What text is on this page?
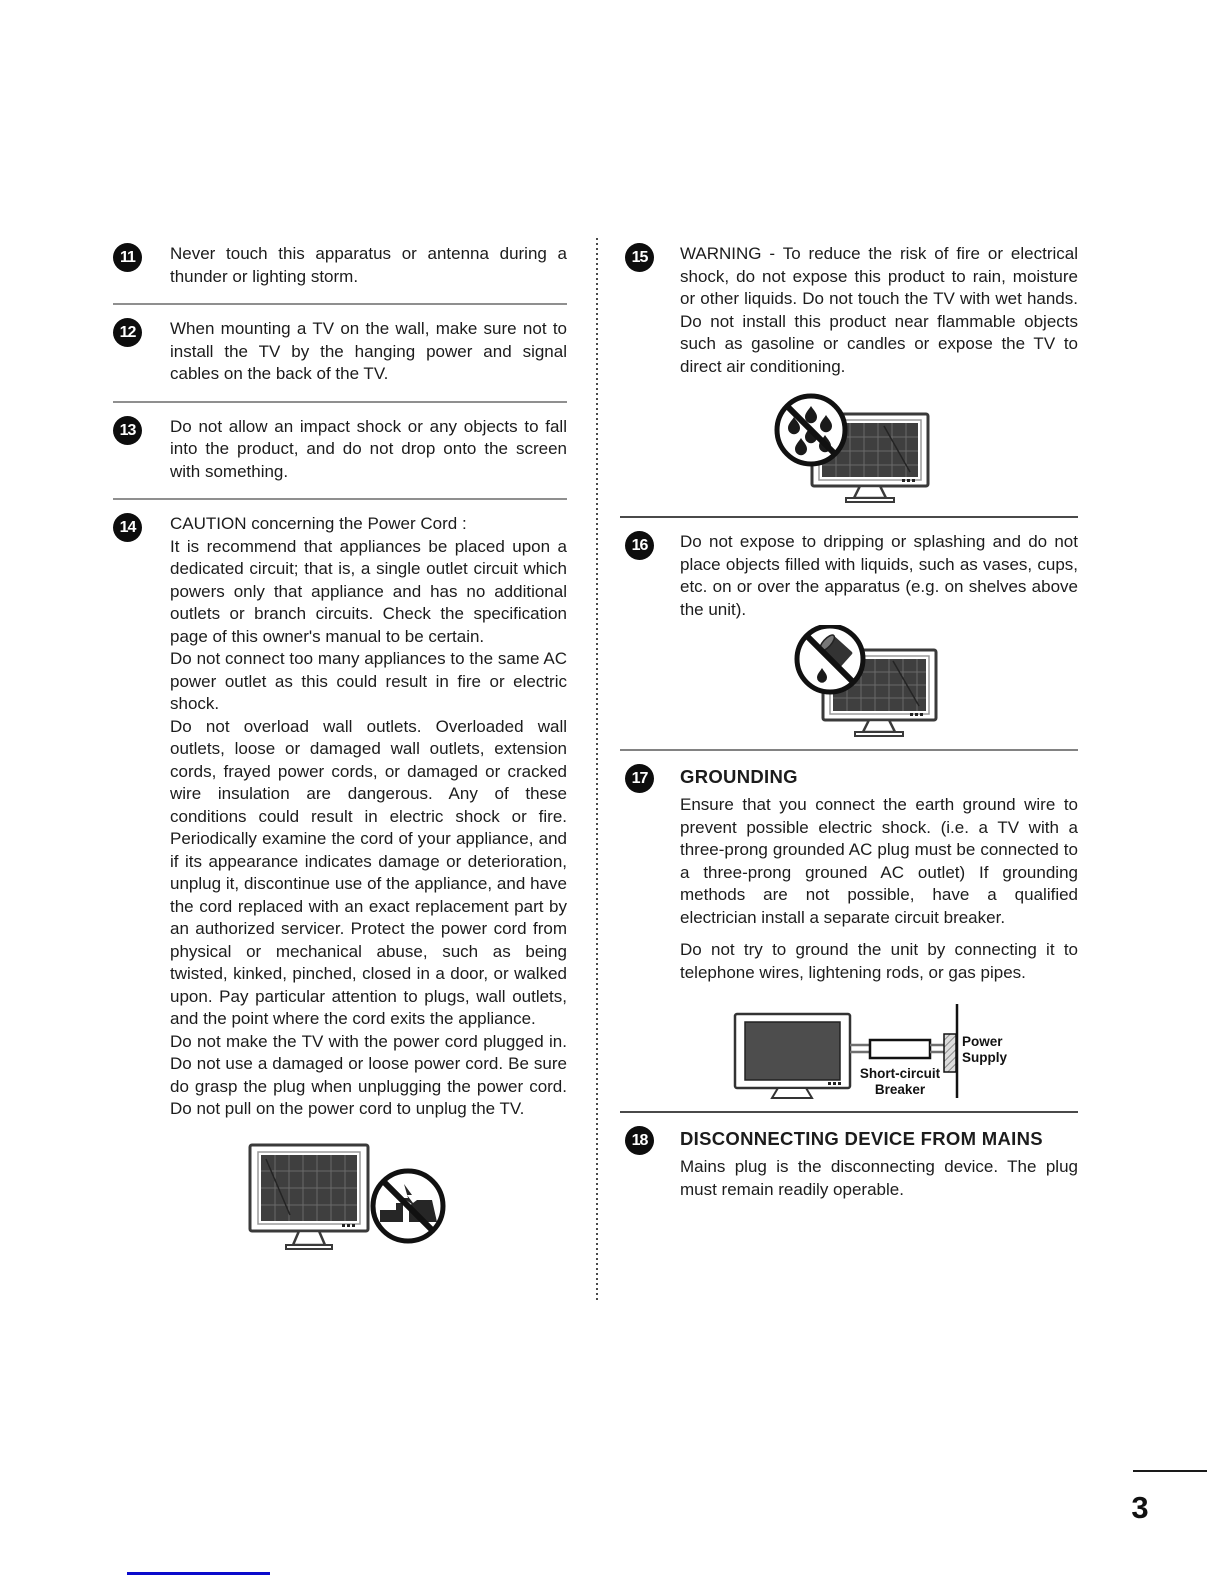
11	Never touch this apparatus or antenna during a thunder or lighting storm.

12	When mounting a TV on the wall, make sure not to install the TV by the hanging power and signal cables on the back of the TV.

13	Do not allow an impact shock or any objects to fall into the product, and do not drop onto the screen with something.

14	CAUTION concerning the Power Cord :

It is recommend that appliances be placed upon a dedicated circuit; that is, a single outlet circuit which powers only that appliance and has no additional outlets or branch circuits. Check the specification page of this owner's manual to be certain.

Do not connect too many appliances to the same AC power outlet as this could result in fire or electric shock.

Do not overload wall outlets. Overloaded wall outlets, loose or damaged wall outlets, extension cords, frayed power cords, or damaged or cracked wire insulation are dangerous. Any of these conditions could result in electric shock or fire. Periodically examine the cord of your appliance, and if its appearance indicates damage or deterioration, unplug it, discontinue use of the appliance, and have the cord replaced with an exact replacement part by an authorized servicer. Protect the power cord from physical or mechanical abuse, such as being twisted, kinked, pinched, closed in a door, or walked upon. Pay particular attention to plugs, wall outlets, and the point where the cord exits the appliance.

Do not make the TV with the power cord plugged in. Do not use a damaged or loose power cord. Be sure do grasp the plug when unplugging the power cord. Do not pull on the power cord to unplug the TV.

15	WARNING - To reduce the risk of fire or electrical shock, do not expose this product to rain, moisture or other liquids. Do not touch the TV with wet hands. Do not install this product near flammable objects such as gasoline or candles or expose the TV to direct air conditioning.

16	Do not expose to dripping or splashing and do not place objects filled with liquids, such as vases, cups, etc. on or over the apparatus (e.g. on shelves above the unit).

17	GROUNDING

Ensure that you connect the earth ground wire to prevent possible electric shock. (i.e. a TV with a three-prong grounded AC plug must be connected to a three-prong grouned AC outlet) If grounding methods are not possible, have a qualified electrician install a separate circuit breaker.

Do not try to ground the unit by connecting it to telephone wires, lightening rods, or gas pipes.

Short-circuit Breaker
Power Supply
18	DISCONNECTING DEVICE FROM MAINS

Mains plug is the disconnecting device. The plug must remain readily operable.

3
